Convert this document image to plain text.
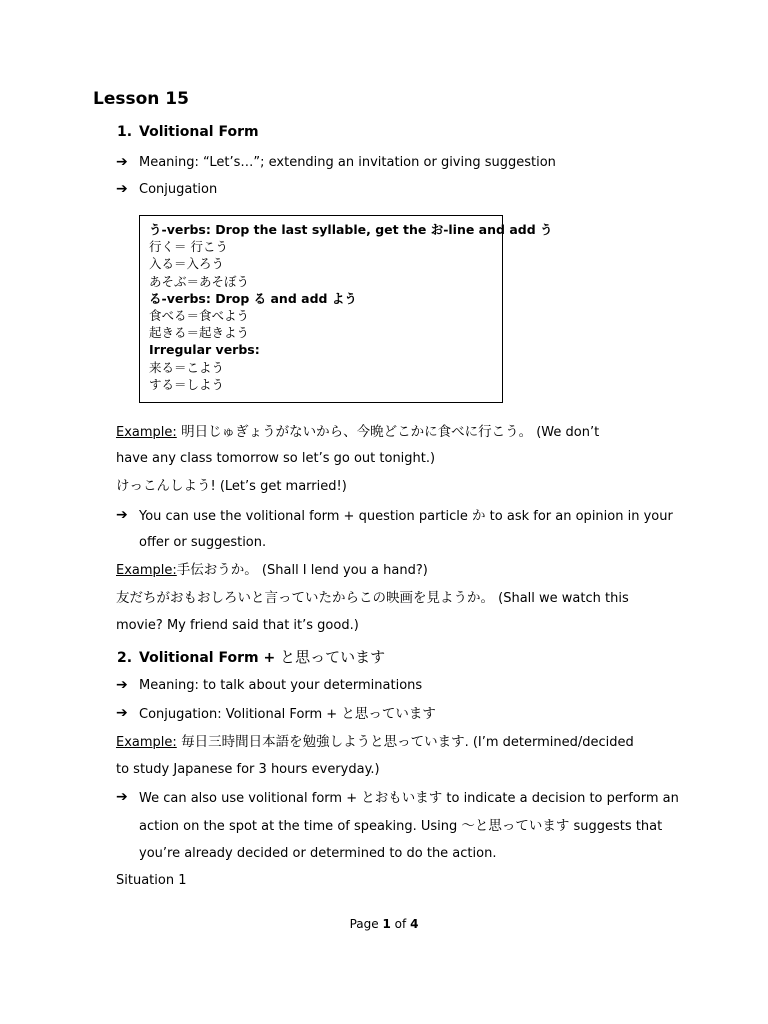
Lesson 15
1. Volitional Form
➔ Meaning: “Let’s…”; extending an invitation or giving suggestion
➔ Conjugation
う-verbs: Drop the last syllable, get the お-line and add う
行く＝ 行こう
入る＝入ろう
あそぶ＝あそぼう
る-verbs: Drop る and add よう
食べる＝食べよう
起きる＝起きよう
Irregular verbs:
来る＝こよう
する＝しよう
Example: 明日じゅぎょうがないから、今晩どこかに食べに行こう。 (We don’t
have any class tomorrow so let’s go out tonight.)
けっこんしよう! (Let’s get married!)
➔ You can use the volitional form + question particle か to ask for an opinion in your
offer or suggestion.
Example:手伝おうか。 (Shall I lend you a hand?)
友だちがおもおしろいと言っていたからこの映画を見ようか。 (Shall we watch this
movie? My friend said that it’s good.)
2. Volitional Form + と思っています
➔ Meaning: to talk about your determinations
➔ Conjugation: Volitional Form + と思っています
Example: 毎日三時間日本語を勉強しようと思っています. (I’m determined/decided
to study Japanese for 3 hours everyday.)
➔ We can also use volitional form + とおもいます to indicate a decision to perform an
action on the spot at the time of speaking. Using ～と思っています suggests that
you’re already decided or determined to do the action.
Situation 1
Page 1 of 4
